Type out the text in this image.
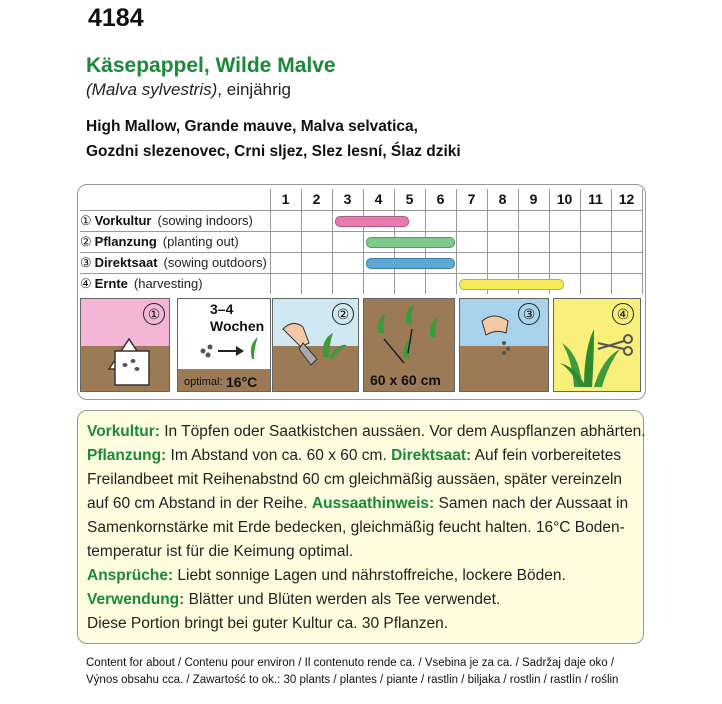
4184
Käsepappel, Wilde Malve
(Malva sylvestris), einjährig
High Mallow, Grande mauve, Malva selvatica,
Gozdni slezenovec, Crni sljez, Slez lesní, Ślaz dziki
1	2	3	4	5	6	7	8	9	10	11	12
① Vorkultur (sowing indoors)
② Pflanzung (planting out)
③ Direktsaat (sowing outdoors)
④ Ernte (harvesting)
①	3–4
Wochen
optimal: 16°C
②
60 x 60 cm
③	④
Vorkultur: In Töpfen oder Saatkistchen aussäen. Vor dem Auspflanzen abhärten.
Pflanzung: Im Abstand von ca. 60 x 60 cm. Direktsaat: Auf fein vorbereitetes
Freilandbeet mit Reihenabstnd 60 cm gleichmäßig aussäen, später vereinzeln
auf 60 cm Abstand in der Reihe. Aussaathinweis: Samen nach der Aussaat in
Samenkornstärke mit Erde bedecken, gleichmäßig feucht halten. 16°C Boden-
temperatur ist für die Keimung optimal.
Ansprüche: Liebt sonnige Lagen und nährstoffreiche, lockere Böden.
Verwendung: Blätter und Blüten werden als Tee verwendet.
Diese Portion bringt bei guter Kultur ca. 30 Pflanzen.
Content for about / Contenu pour environ / Il contenuto rende ca. / Vsebina je za ca. / Sadržaj daje oko /
Výnos obsahu cca. / Zawartość to ok.: 30 plants / plantes / piante / rastlin / biljaka / rostlin / rastlín / roślin
